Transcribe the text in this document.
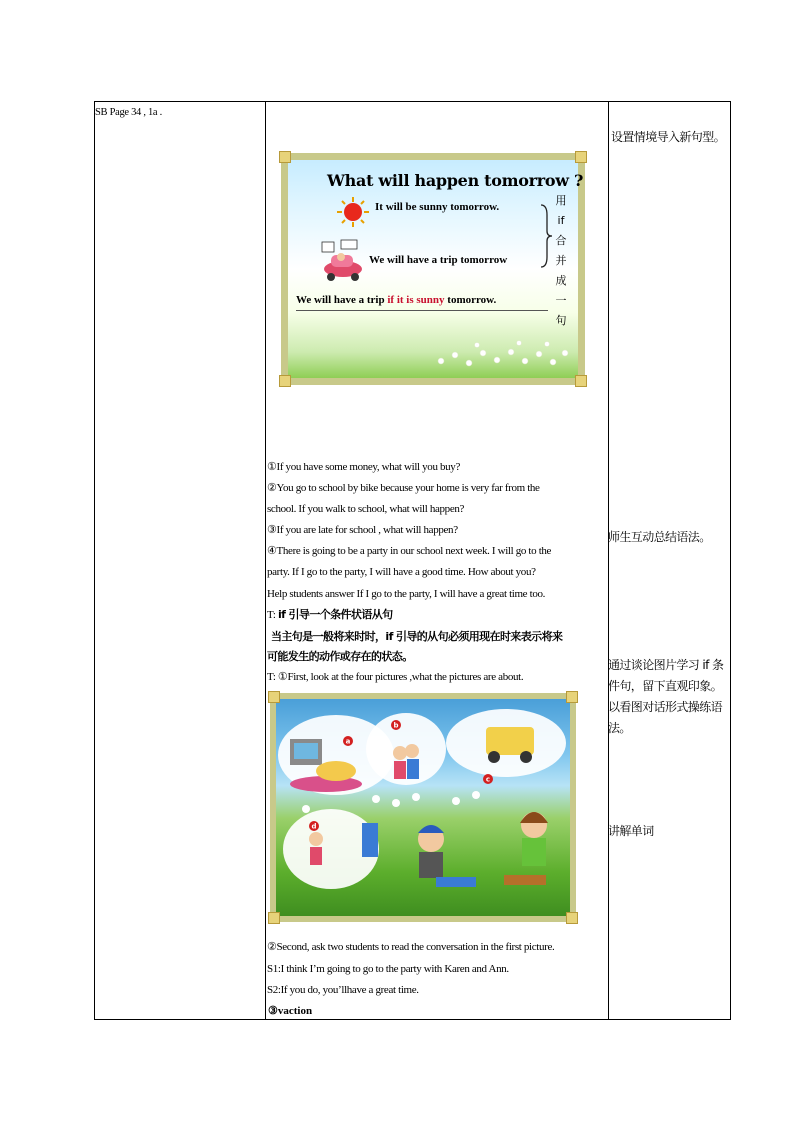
SB Page 34 , 1a .
设置情境导入新句型。
师生互动总结语法。
通过谈论图片学习 if 条
件句，留下直观印象。
以看图对话形式操练语
法。
讲解单词
What will happen tomorrow ?
It will be sunny tomorrow.
We will have a trip tomorrow
用
if
合
并
成
一
句
We will have a trip if it is sunny tomorrow.
①If you have some money, what will you buy?
②You go to school by bike because your home is very far from the
school. If you walk to school, what will happen?
③If you are late for school , what will happen?
④There is going to be a party in our school next week. I will go to the
party. If I go to the party, I will have a good time. How about you?
Help students answer If I go to the party, I will have a great time too.
T: if 引导一个条件状语从句
当主句是一般将来时时，if 引导的从句必须用现在时来表示将来
可能发生的动作或存在的状态。
T: ①First, look at the four pictures ,what the pictures are about.
a
b
c
d
②Second, ask two students to read the conversation in the first picture.
S1:I think I’m going to go to the party with Karen and Ann.
S2:If you do, you’llhave a great time.
③vaction
